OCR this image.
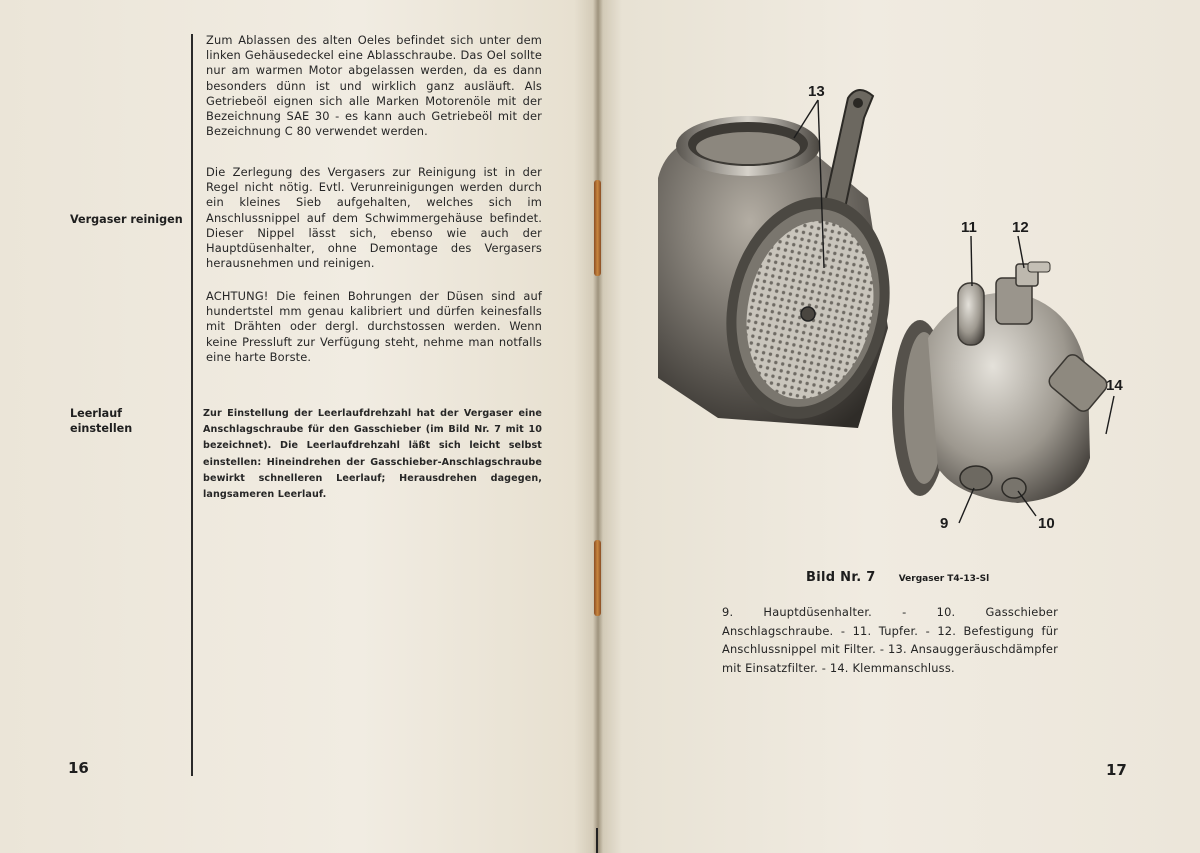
Vergaser reinigen
Leerlauf einstellen
Zum Ablassen des alten Oeles befindet sich unter dem linken Gehäusedeckel eine Ablasschraube. Das Oel sollte nur am warmen Motor abgelassen werden, da es dann besonders dünn ist und wirklich ganz ausläuft. Als Getriebeöl eignen sich alle Marken Motorenöle mit der Bezeichnung SAE 30 - es kann auch Getriebeöl mit der Bezeichnung C 80 verwendet werden.
Die Zerlegung des Vergasers zur Reinigung ist in der Regel nicht nötig. Evtl. Verunreinigungen werden durch ein kleines Sieb aufgehalten, welches sich im Anschlussnippel auf dem Schwimmergehäuse befindet. Dieser Nippel lässt sich, ebenso wie auch der Hauptdüsenhalter, ohne Demontage des Vergasers herausnehmen und reinigen.
ACHTUNG! Die feinen Bohrungen der Düsen sind auf hundertstel mm genau kalibriert und dürfen keinesfalls mit Drähten oder dergl. durchstossen werden. Wenn keine Pressluft zur Verfügung steht, nehme man notfalls eine harte Borste.
Zur Einstellung der Leerlaufdrehzahl hat der Vergaser eine Anschlagschraube für den Gasschieber (im Bild Nr. 7 mit 10 bezeichnet). Die Leerlaufdrehzahl läßt sich leicht selbst einstellen: Hineindrehen der Gasschieber-Anschlagschraube bewirkt schnelleren Leerlauf; Herausdrehen dagegen, langsameren Leerlauf.
16
13
11 12
14
9	10
Bild Nr. 7	Vergaser T4-13-Sl
9. Hauptdüsenhalter. - 10. Gasschieber Anschlagschraube. - 11. Tupfer. - 12. Befestigung für Anschlussnippel mit Filter. - 13. Ansauggeräuschdämpfer mit Einsatzfilter. - 14. Klemmanschluss.
17
